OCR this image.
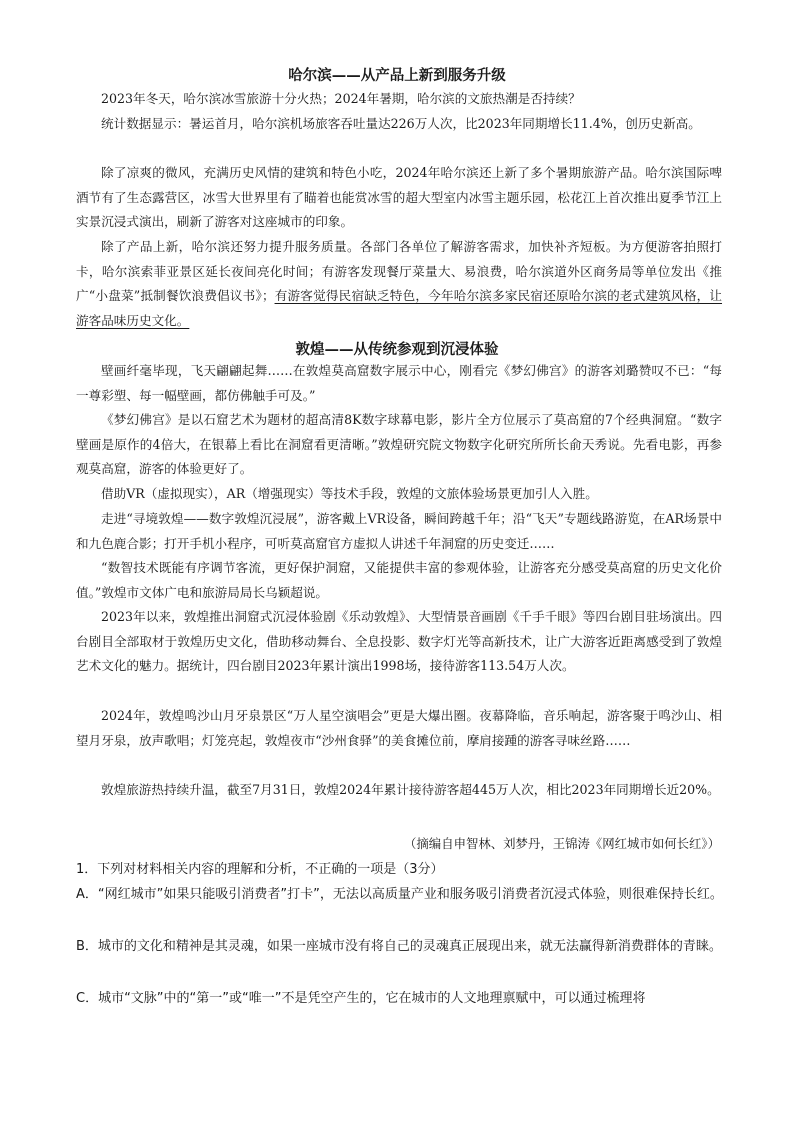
哈尔滨——从产品上新到服务升级

2023年冬天，哈尔滨冰雪旅游十分火热；2024年暑期，哈尔滨的文旅热潮是否持续？

统计数据显示：暑运首月，哈尔滨机场旅客吞吐量达226万人次，比2023年同期增长11.4%，创历史新高。

除了凉爽的微风，充满历史风情的建筑和特色小吃，2024年哈尔滨还上新了多个暑期旅游产品。哈尔滨国际啤酒节有了生态露营区，冰雪大世界里有了瞄着也能赏冰雪的超大型室内冰雪主题乐园，松花江上首次推出夏季节江上实景沉浸式演出，刷新了游客对这座城市的印象。

除了产品上新，哈尔滨还努力提升服务质量。各部门各单位了解游客需求，加快补齐短板。为方便游客拍照打卡，哈尔滨索菲亚景区延长夜间亮化时间；有游客发现餐厅菜量大、易浪费，哈尔滨道外区商务局等单位发出《推广“小盘菜”抵制餐饮浪费倡议书》；有游客觉得民宿缺乏特色，今年哈尔滨多家民宿还原哈尔滨的老式建筑风格，让游客品味历史文化。

敦煌——从传统参观到沉浸体验

壁画纤毫毕现，飞天翩翩起舞……在敦煌莫高窟数字展示中心，刚看完《梦幻佛宫》的游客刘璐赞叹不已：“每一尊彩塑、每一幅壁画，都仿佛触手可及。”

《梦幻佛宫》是以石窟艺术为题材的超高清8K数字球幕电影，影片全方位展示了莫高窟的7个经典洞窟。“数字壁画是原作的4倍大，在银幕上看比在洞窟看更清晰。”敦煌研究院文物数字化研究所所长俞天秀说。先看电影，再参观莫高窟，游客的体验更好了。

借助VR（虚拟现实），AR（增强现实）等技术手段，敦煌的文旅体验场景更加引人入胜。

走进“寻境敦煌——数字敦煌沉浸展”，游客戴上VR设备，瞬间跨越千年；沿“飞天”专题线路游览，在AR场景中和九色鹿合影；打开手机小程序，可听莫高窟官方虚拟人讲述千年洞窟的历史变迁……

“数智技术既能有序调节客流，更好保护洞窟，又能提供丰富的参观体验，让游客充分感受莫高窟的历史文化价值。”敦煌市文体广电和旅游局局长乌颖超说。

2023年以来，敦煌推出洞窟式沉浸体验剧《乐动敦煌》、大型情景音画剧《千手千眼》等四台剧目驻场演出。四台剧目全部取材于敦煌历史文化，借助移动舞台、全息投影、数字灯光等高新技术，让广大游客近距离感受到了敦煌艺术文化的魅力。据统计，四台剧目2023年累计演出1998场，接待游客113.54万人次。

2024年，敦煌鸣沙山月牙泉景区“万人星空演唱会”更是大爆出圈。夜幕降临，音乐响起，游客聚于鸣沙山、相望月牙泉，放声歌唱；灯笼亮起，敦煌夜市“沙州食驿”的美食摊位前，摩肩接踵的游客寻味丝路……

敦煌旅游热持续升温，截至7月31日，敦煌2024年累计接待游客超445万人次，相比2023年同期增长近20%。

（摘编自申智林、刘梦丹，王锦涛《网红城市如何长红》）

1．下列对材料相关内容的理解和分析，不正确的一项是（3分）

A．“网红城市”如果只能吸引消费者”打卡”，无法以高质量产业和服务吸引消费者沉浸式体验，则很难保持长红。

B．城市的文化和精神是其灵魂，如果一座城市没有将自己的灵魂真正展现出来，就无法赢得新消费群体的青睐。

C．城市“文脉”中的“第一”或“唯一”不是凭空产生的，它在城市的人文地理禀赋中，可以通过梳理将
